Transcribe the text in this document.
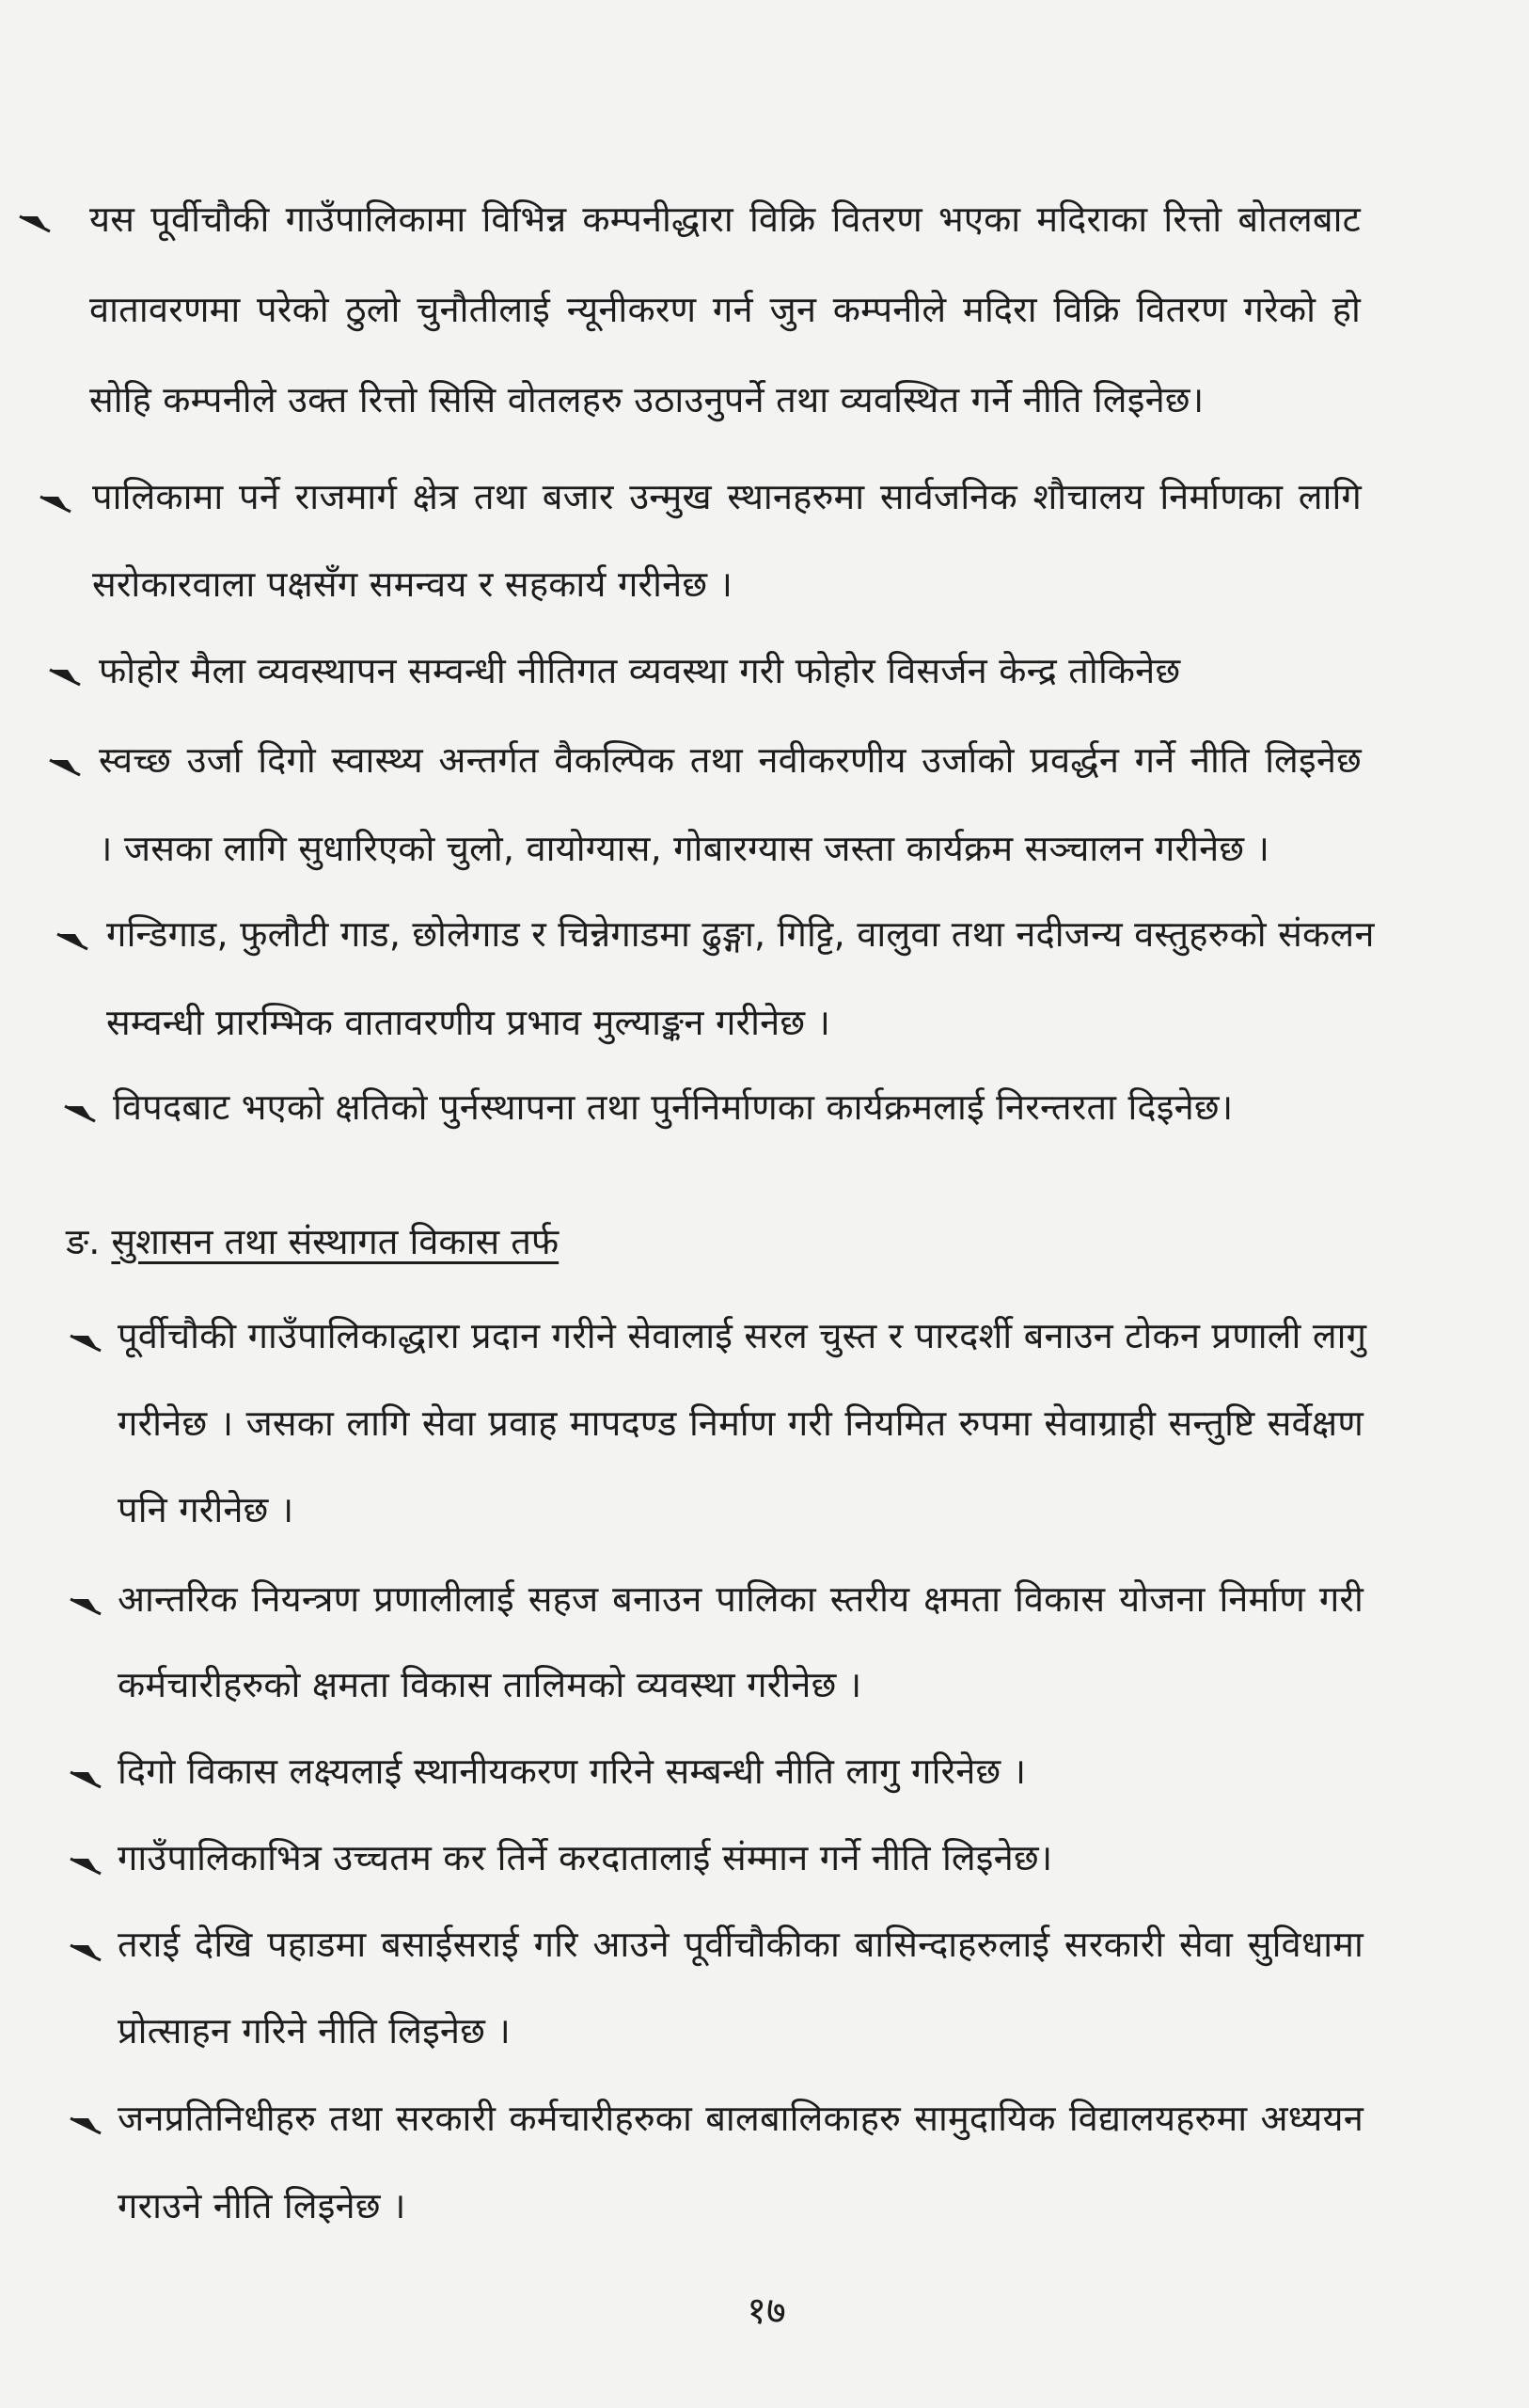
यस पूर्वीचौकी गाउँपालिकामा विभिन्न कम्पनीद्धारा विक्रि वितरण भएका मदिराका रित्तो बोतलबाट
वातावरणमा परेको ठुलो चुनौतीलाई न्यूनीकरण गर्न जुन कम्पनीले मदिरा विक्रि वितरण गरेको हो
सोहि कम्पनीले उक्त रित्तो सिसि वोतलहरु उठाउनुपर्ने तथा व्यवस्थित गर्ने नीति लिइनेछ।
पालिकामा पर्ने राजमार्ग क्षेत्र तथा बजार उन्मुख स्थानहरुमा सार्वजनिक शौचालय निर्माणका लागि
सरोकारवाला पक्षसँग समन्वय र सहकार्य गरीनेछ ।
फोहोर मैला व्यवस्थापन सम्वन्धी नीतिगत व्यवस्था गरी फोहोर विसर्जन केन्द्र तोकिनेछ
स्वच्छ उर्जा दिगो स्वास्थ्य अन्तर्गत वैकल्पिक तथा नवीकरणीय उर्जाको प्रवर्द्धन गर्ने नीति लिइनेछ
। जसका लागि सुधारिएको चुलो, वायोग्यास, गोबारग्यास जस्ता कार्यक्रम सञ्चालन गरीनेछ ।
गन्डिगाड, फुलौटी गाड, छोलेगाड र चिन्नेगाडमा ढुङ्गा, गिट्टि, वालुवा तथा नदीजन्य वस्तुहरुको संकलन
सम्वन्धी प्रारम्भिक वातावरणीय प्रभाव मुल्याङ्कन गरीनेछ ।
विपदबाट भएको क्षतिको पुर्नस्थापना तथा पुर्ननिर्माणका कार्यक्रमलाई निरन्तरता दिइनेछ।
ङ. सुशासन तथा संस्थागत विकास तर्फ
पूर्वीचौकी गाउँपालिकाद्धारा प्रदान गरीने सेवालाई सरल चुस्त र पारदर्शी बनाउन टोकन प्रणाली लागु
गरीनेछ । जसका लागि सेवा प्रवाह मापदण्ड निर्माण गरी नियमित रुपमा सेवाग्राही सन्तुष्टि सर्वेक्षण
पनि गरीनेछ ।
आन्तरिक नियन्त्रण प्रणालीलाई सहज बनाउन पालिका स्तरीय क्षमता विकास योजना निर्माण गरी
कर्मचारीहरुको क्षमता विकास तालिमको व्यवस्था गरीनेछ ।
दिगो विकास लक्ष्यलाई स्थानीयकरण गरिने सम्बन्धी नीति लागु गरिनेछ ।
गाउँपालिकाभित्र उच्चतम कर तिर्ने करदातालाई संम्मान गर्ने नीति लिइनेछ।
तराई देखि पहाडमा बसाईसराई गरि आउने पूर्वीचौकीका बासिन्दाहरुलाई सरकारी सेवा सुविधामा
प्रोत्साहन गरिने नीति लिइनेछ ।
जनप्रतिनिधीहरु तथा सरकारी कर्मचारीहरुका बालबालिकाहरु सामुदायिक विद्यालयहरुमा अध्ययन
गराउने नीति लिइनेछ ।
१७
